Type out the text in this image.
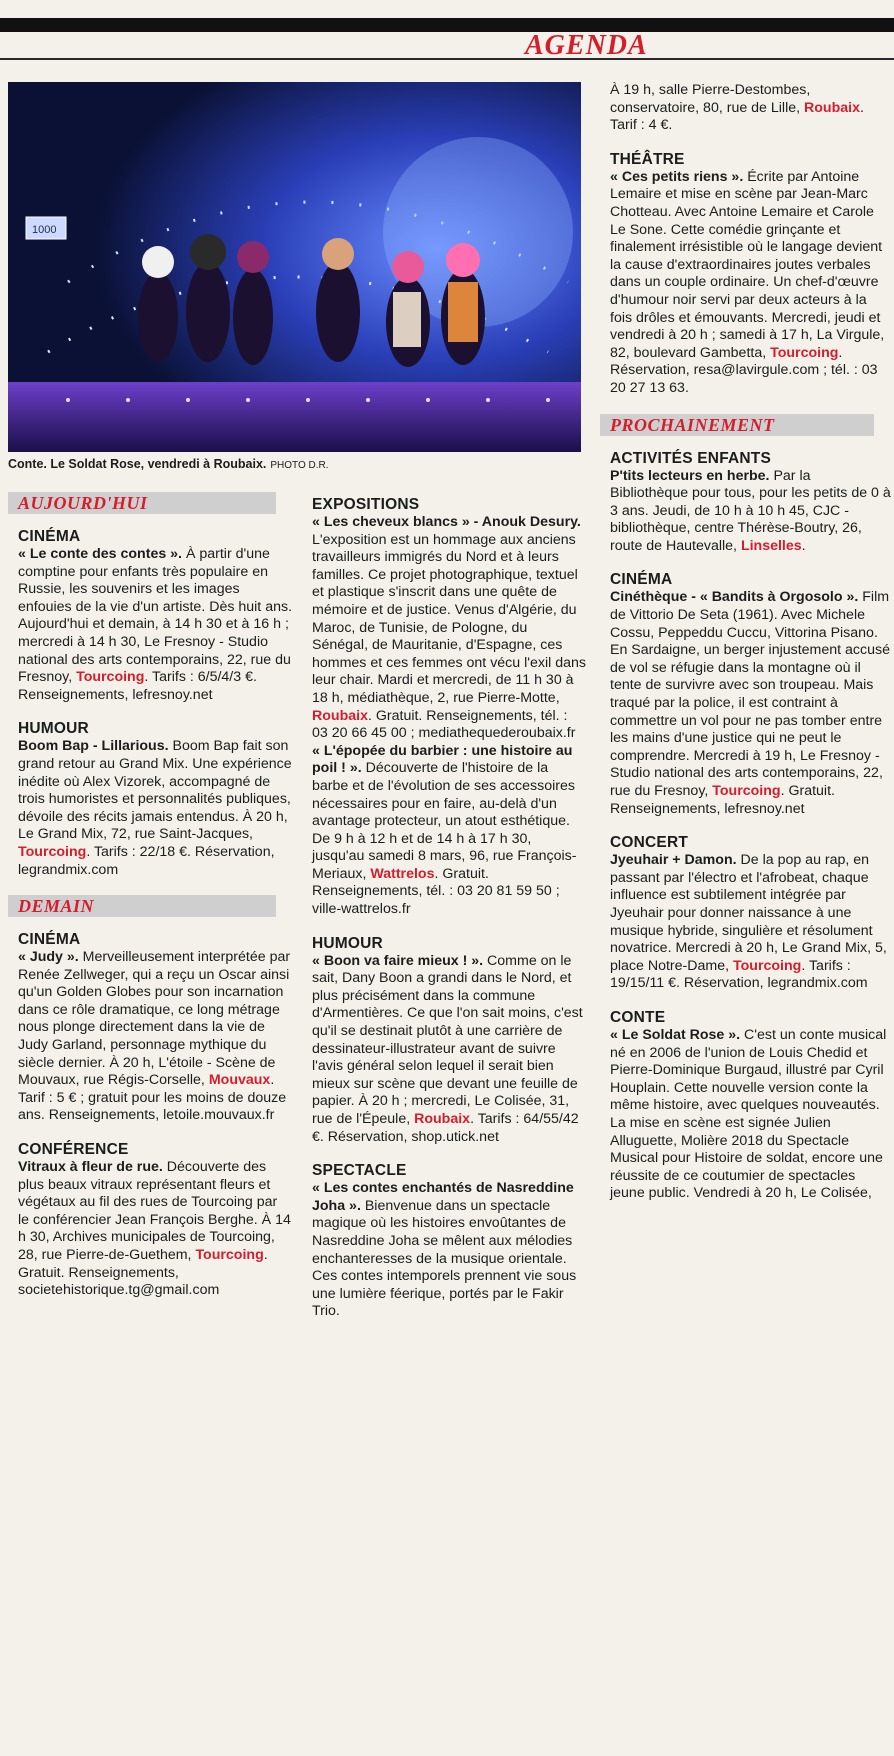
AGENDA
1000
Conte. Le Soldat Rose, vendredi à Roubaix. PHOTO D.R.
AUJOURD'HUI
CINÉMA

« Le conte des contes ». À partir d'une comptine pour enfants très populaire en Russie, les souvenirs et les images enfouies de la vie d'un artiste. Dès huit ans. Aujourd'hui et demain, à 14 h 30 et à 16 h ; mercredi à 14 h 30, Le Fresnoy - Studio national des arts contemporains, 22, rue du Fresnoy, Tourcoing. Tarifs : 6/5/4/3 €. Renseignements, lefresnoy.net

HUMOUR

Boom Bap - Lillarious. Boom Bap fait son grand retour au Grand Mix. Une expérience inédite où Alex Vizorek, accompagné de trois humoristes et personnalités publiques, dévoile des récits jamais entendus. À 20 h, Le Grand Mix, 72, rue Saint-Jacques, Tourcoing. Tarifs : 22/18 €. Réservation, legrandmix.com

DEMAIN
CINÉMA

« Judy ». Merveilleusement interprétée par Renée Zellweger, qui a reçu un Oscar ainsi qu'un Golden Globes pour son incarnation dans ce rôle dramatique, ce long métrage nous plonge directement dans la vie de Judy Garland, personnage mythique du siècle dernier. À 20 h, L'étoile - Scène de Mouvaux, rue Régis-Corselle, Mouvaux. Tarif : 5 € ; gratuit pour les moins de douze ans. Renseignements, letoile.mouvaux.fr

CONFÉRENCE

Vitraux à fleur de rue. Découverte des plus beaux vitraux représentant fleurs et végétaux au fil des rues de Tourcoing par le conférencier Jean François Berghe. À 14 h 30, Archives municipales de Tourcoing, 28, rue Pierre-de-Guethem, Tourcoing. Gratuit. Renseignements, societehistorique.tg@gmail.com

EXPOSITIONS

« Les cheveux blancs » - Anouk Desury. L'exposition est un hommage aux anciens travailleurs immigrés du Nord et à leurs familles. Ce projet photographique, textuel et plastique s'inscrit dans une quête de mémoire et de justice. Venus d'Algérie, du Maroc, de Tunisie, de Pologne, du Sénégal, de Mauritanie, d'Espagne, ces hommes et ces femmes ont vécu l'exil dans leur chair. Mardi et mercredi, de 11 h 30 à 18 h, médiathèque, 2, rue Pierre-Motte, Roubaix. Gratuit. Renseignements, tél. : 03 20 66 45 00 ; mediathequederoubaix.fr

« L'épopée du barbier : une histoire au poil ! ». Découverte de l'histoire de la barbe et de l'évolution de ses accessoires nécessaires pour en faire, au-delà d'un avantage protecteur, un atout esthétique. De 9 h à 12 h et de 14 h à 17 h 30, jusqu'au samedi 8 mars, 96, rue François-Meriaux, Wattrelos. Gratuit. Renseignements, tél. : 03 20 81 59 50 ; ville-wattrelos.fr

HUMOUR

« Boon va faire mieux ! ». Comme on le sait, Dany Boon a grandi dans le Nord, et plus précisément dans la commune d'Armentières. Ce que l'on sait moins, c'est qu'il se destinait plutôt à une carrière de dessinateur-illustrateur avant de suivre l'avis général selon lequel il serait bien mieux sur scène que devant une feuille de papier. À 20 h ; mercredi, Le Colisée, 31, rue de l'Épeule, Roubaix. Tarifs : 64/55/42 €. Réservation, shop.utick.net

SPECTACLE

« Les contes enchantés de Nasreddine Joha ». Bienvenue dans un spectacle magique où les histoires envoûtantes de Nasreddine Joha se mêlent aux mélodies enchanteresses de la musique orientale. Ces contes intemporels prennent vie sous une lumière féerique, portés par le Fakir Trio.

À 19 h, salle Pierre-Destombes, conservatoire, 80, rue de Lille, Roubaix. Tarif : 4 €.

THÉÂTRE

« Ces petits riens ». Écrite par Antoine Lemaire et mise en scène par Jean-Marc Chotteau. Avec Antoine Lemaire et Carole Le Sone. Cette comédie grinçante et finalement irrésistible où le langage devient la cause d'extraordinaires joutes verbales dans un couple ordinaire. Un chef-d'œuvre d'humour noir servi par deux acteurs à la fois drôles et émouvants. Mercredi, jeudi et vendredi à 20 h ; samedi à 17 h, La Virgule, 82, boulevard Gambetta, Tourcoing. Réservation, resa@lavirgule.com ; tél. : 03 20 27 13 63.

PROCHAINEMENT
ACTIVITÉS ENFANTS

P'tits lecteurs en herbe. Par la Bibliothèque pour tous, pour les petits de 0 à 3 ans. Jeudi, de 10 h à 10 h 45, CJC - bibliothèque, centre Thérèse-Boutry, 26, route de Hautevalle, Linselles.

CINÉMA

Cinéthèque - « Bandits à Orgosolo ». Film de Vittorio De Seta (1961). Avec Michele Cossu, Peppeddu Cuccu, Vittorina Pisano. En Sardaigne, un berger injustement accusé de vol se réfugie dans la montagne où il tente de survivre avec son troupeau. Mais traqué par la police, il est contraint à commettre un vol pour ne pas tomber entre les mains d'une justice qui ne peut le comprendre. Mercredi à 19 h, Le Fresnoy - Studio national des arts contemporains, 22, rue du Fresnoy, Tourcoing. Gratuit. Renseignements, lefresnoy.net

CONCERT

Jyeuhair + Damon. De la pop au rap, en passant par l'électro et l'afrobeat, chaque influence est subtilement intégrée par Jyeuhair pour donner naissance à une musique hybride, singulière et résolument novatrice. Mercredi à 20 h, Le Grand Mix, 5, place Notre-Dame, Tourcoing. Tarifs : 19/15/11 €. Réservation, legrandmix.com

CONTE

« Le Soldat Rose ». C'est un conte musical né en 2006 de l'union de Louis Chedid et Pierre-Dominique Burgaud, illustré par Cyril Houplain. Cette nouvelle version conte la même histoire, avec quelques nouveautés. La mise en scène est signée Julien Alluguette, Molière 2018 du Spectacle Musical pour Histoire de soldat, encore une réussite de ce coutumier de spectacles jeune public. Vendredi à 20 h, Le Colisée,
